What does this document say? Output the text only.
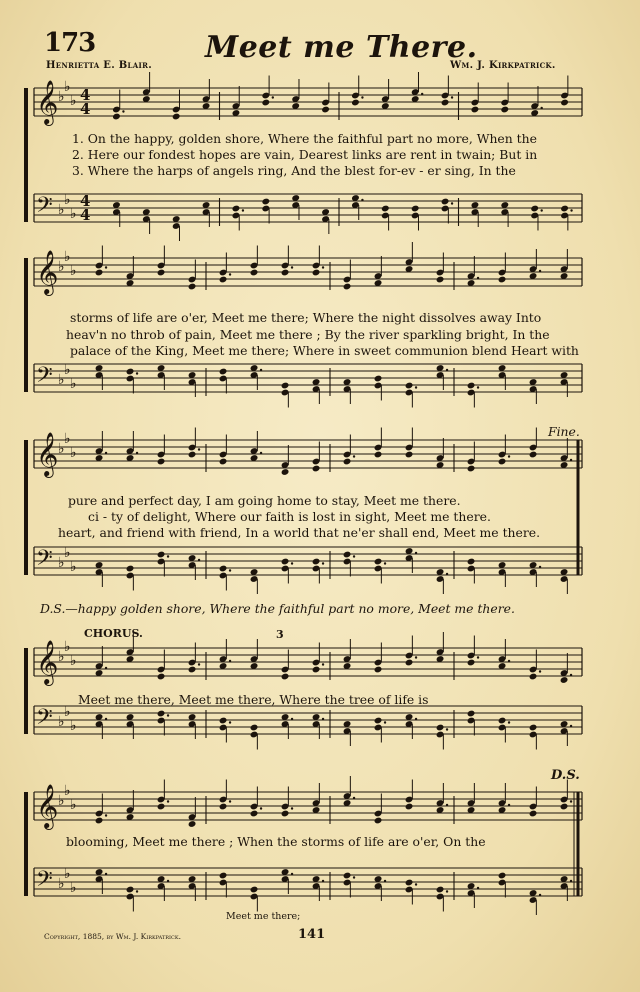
173	Meet me There.
Henrietta E. Blair.	Wm. J. Kirkpatrick.
𝄞 ♭
♭
♭
𝄢 ♭
♭
♭
4
4
4
4
𝄞 ♭
♭
♭
𝄢 ♭
♭
♭
𝄞 ♭
♭
♭
𝄢 ♭
♭
♭
𝄞 ♭
♭
♭
𝄢 ♭
♭
♭
𝄞 ♭
♭
♭
𝄢 ♭
♭
♭
1. On the happy, golden shore, Where the faithful part no more, When the
2. Here our fondest hopes are vain, Dearest links are rent in twain; But in
3. Where the harps of angels ring, And the blest for-ev - er sing, In the
storms of life are o'er, Meet me there; Where the night dissolves away Into
heav'n no throb of pain, Meet me there ; By the river sparkling bright, In the
palace of the King, Meet me there; Where in sweet communion blend Heart with
Fine.
pure and perfect day, I am going home to stay, Meet me there.
ci - ty of delight, Where our faith is lost in sight, Meet me there.
heart, and friend with friend, In a world that ne'er shall end, Meet me there.
D.S.—happy golden shore, Where the faithful part no more, Meet me there.
CHORUS.	3
Meet me there, Meet me there, Where the tree of life is
D.S.
blooming, Meet me there ; When the storms of life are o'er, On the
Meet me there;
Copyright, 1885, by Wm. J. Kirkpatrick.	141
